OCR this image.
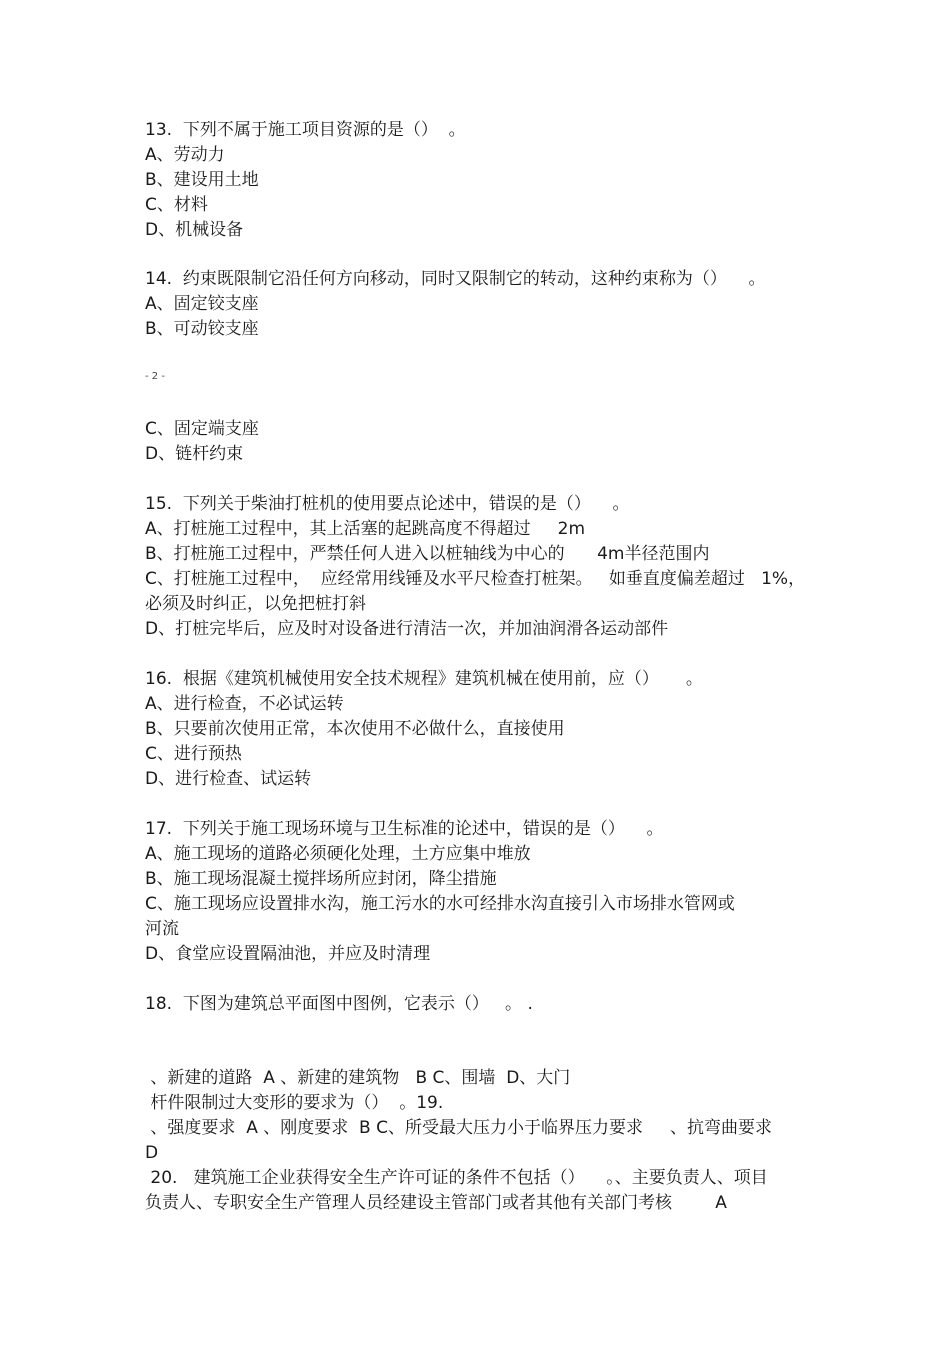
13.  下列不属于施工项目资源的是（）  。

A、劳动力

B、建设用土地

C、材料

D、机械设备

14.  约束既限制它沿任何方向移动，同时又限制它的转动，这种约束称为（）    。

A、固定铰支座

B、可动铰支座

- 2 -

C、固定端支座

D、链杆约束

15.  下列关于柴油打桩机的使用要点论述中，错误的是（）    。

A、打桩施工过程中，其上活塞的起跳高度不得超过     2m

B、打桩施工过程中，严禁任何人进入以桩轴线为中心的      4m半径范围内

C、打桩施工过程中，  应经常用线锤及水平尺检查打桩架。   如垂直度偏差超过   1%，

必须及时纠正，以免把桩打斜

D、打桩完毕后，应及时对设备进行清洁一次，并加油润滑各运动部件

16.  根据《建筑机械使用安全技术规程》建筑机械在使用前，应（）     。

A、进行检查，不必试运转

B、只要前次使用正常，本次使用不必做什么，直接使用

C、进行预热

D、进行检查、试运转

17.  下列关于施工现场环境与卫生标准的论述中，错误的是（）    。

A、施工现场的道路必须硬化处理，土方应集中堆放

B、施工现场混凝土搅拌场所应封闭，降尘措施

C、施工现场应设置排水沟，施工污水的水可经排水沟直接引入市场排水管网或

河流

D、食堂应设置隔油池，并应及时清理

18.  下图为建筑总平面图中图例，它表示（）   。 .

、新建的道路  A 、新建的建筑物   B C、围墙  D、大门

杆件限制过大变形的要求为（）  。19.

、强度要求  A 、刚度要求  B C、所受最大压力小于临界压力要求     、抗弯曲要求

D

20.   建筑施工企业获得安全生产许可证的条件不包括（）    。、主要负责人、项目

负责人、专职安全生产管理人员经建设主管部门或者其他有关部门考核        A
